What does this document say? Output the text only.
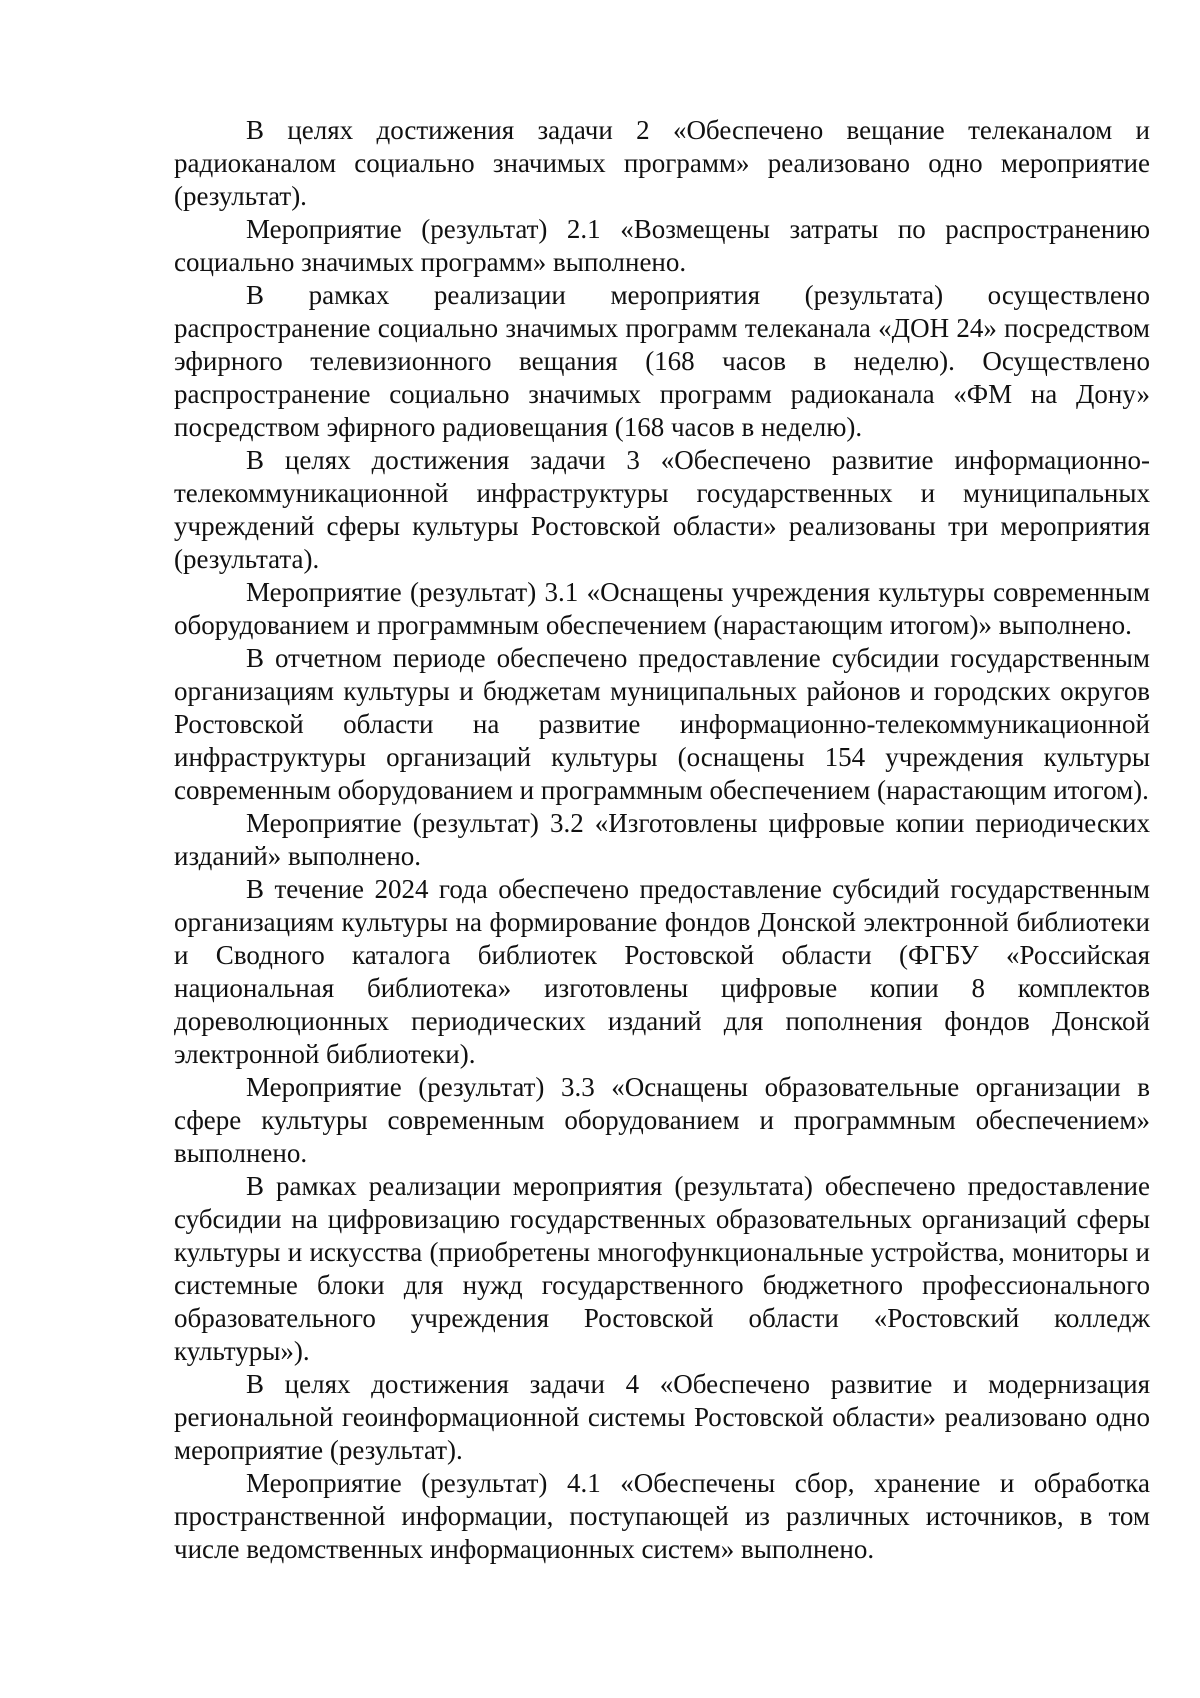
В целях достижения задачи 2 «Обеспечено вещание телеканалом и радиоканалом социально значимых программ» реализовано одно мероприятие (результат).

Мероприятие (результат) 2.1 «Возмещены затраты по распространению социально значимых программ» выполнено.

В рамках реализации мероприятия (результата) осуществлено распространение социально значимых программ телеканала «ДОН 24» посредством эфирного телевизионного вещания (168 часов в неделю). Осуществлено распространение социально значимых программ радиоканала «ФМ на Дону» посредством эфирного радиовещания (168 часов в неделю).

В целях достижения задачи 3 «Обеспечено развитие информационно-телекоммуникационной инфраструктуры государственных и муниципальных учреждений сферы культуры Ростовской области» реализованы три мероприятия (результата).

Мероприятие (результат) 3.1 «Оснащены учреждения культуры современным оборудованием и программным обеспечением (нарастающим итогом)» выполнено.

В отчетном периоде обеспечено предоставление субсидии государственным организациям культуры и бюджетам муниципальных районов и городских округов Ростовской области на развитие информационно-телекоммуникационной инфраструктуры организаций культуры (оснащены 154 учреждения культуры современным оборудованием и программным обеспечением (нарастающим итогом).

Мероприятие (результат) 3.2 «Изготовлены цифровые копии периодических изданий» выполнено.

В течение 2024 года обеспечено предоставление субсидий государственным организациям культуры на формирование фондов Донской электронной библиотеки и Сводного каталога библиотек Ростовской области (ФГБУ «Российская национальная библиотека» изготовлены цифровые копии 8 комплектов дореволюционных периодических изданий для пополнения фондов Донской электронной библиотеки).

Мероприятие (результат) 3.3 «Оснащены образовательные организации в сфере культуры современным оборудованием и программным обеспечением» выполнено.

В рамках реализации мероприятия (результата) обеспечено предоставление субсидии на цифровизацию государственных образовательных организаций сферы культуры и искусства (приобретены многофункциональные устройства, мониторы и системные блоки для нужд государственного бюджетного профессионального образовательного учреждения Ростовской области «Ростовский колледж культуры»).

В целях достижения задачи 4 «Обеспечено развитие и модернизация региональной геоинформационной системы Ростовской области» реализовано одно мероприятие (результат).

Мероприятие (результат) 4.1 «Обеспечены сбор, хранение и обработка пространственной информации, поступающей из различных источников, в том числе ведомственных информационных систем» выполнено.
